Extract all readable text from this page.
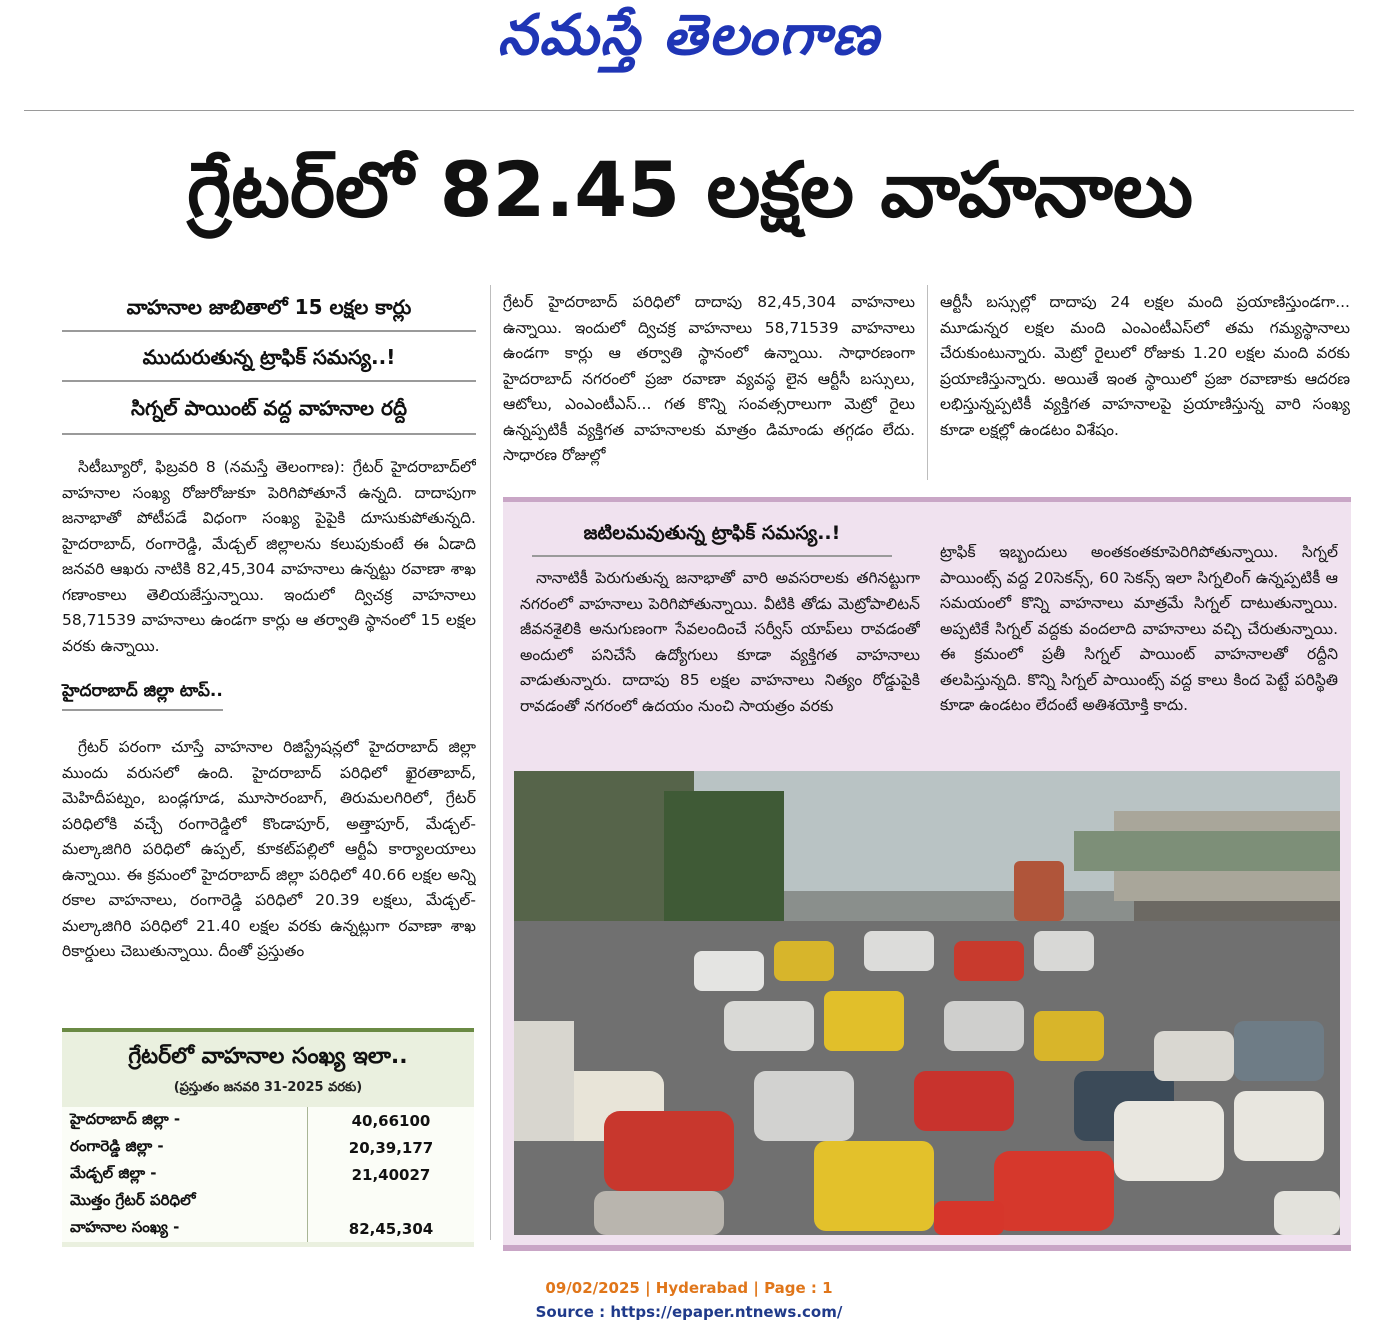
నమస్తే తెలంగాణ
గ్రేటర్‌లో 82.45 లక్షల వాహనాలు
వాహనాల జాబితాలో 15 లక్షల కార్లు
ముదురుతున్న ట్రాఫిక్ సమస్య..!
సిగ్నల్ పాయింట్ వద్ద వాహనాల రద్దీ

సిటీబ్యూరో, ఫిబ్రవరి 8 (నమస్తే తెలంగాణ): గ్రేటర్ హైదరాబాద్‌లో వాహనాల సంఖ్య రోజురోజుకూ పెరిగిపోతూనే ఉన్నది. దాదాపుగా జనాభాతో పోటీపడే విధంగా సంఖ్య పైపైకి దూసుకుపోతున్నది. హైదరాబాద్, రంగారెడ్డి, మేడ్చల్ జిల్లాలను కలుపుకుంటే ఈ ఏడాది జనవరి ఆఖరు నాటికి 82,45,304 వాహనాలు ఉన్నట్టు రవాణా శాఖ గణాంకాలు తెలియజేస్తున్నాయి. ఇందులో ద్విచక్ర వాహనాలు 58,71539 వాహనాలు ఉండగా కార్లు ఆ తర్వాతి స్థానంలో 15 లక్షల వరకు ఉన్నాయి.

హైదరాబాద్ జిల్లా టాప్..

గ్రేటర్ పరంగా చూస్తే వాహనాల రిజిస్ట్రేషన్లలో హైదరాబాద్ జిల్లా ముందు వరుసలో ఉంది. హైదరాబాద్ పరిధిలో ఖైరతాబాద్, మెహిదీపట్నం, బండ్లగూడ, మూసారంబాగ్, తిరుమలగిరిలో, గ్రేటర్ పరిధిలోకి వచ్చే రంగారెడ్డిలో కొండాపూర్, అత్తాపూర్, మేడ్చల్-మల్కాజిగిరి పరిధిలో ఉప్పల్, కూకట్‌పల్లిలో ఆర్టీఏ కార్యాలయాలు ఉన్నాయి. ఈ క్రమంలో హైదరాబాద్ జిల్లా పరిధిలో 40.66 లక్షల అన్ని రకాల వాహనాలు, రంగారెడ్డి పరిధిలో 20.39 లక్షలు, మేడ్చల్-మల్కాజిగిరి పరిధిలో 21.40 లక్షల వరకు ఉన్నట్లుగా రవాణా శాఖ రికార్డులు చెబుతున్నాయి. దీంతో ప్రస్తుతం

గ్రేటర్‌లో వాహనాల సంఖ్య ఇలా..
(ప్రస్తుతం జనవరి 31-2025 వరకు)
హైదరాబాద్ జిల్లా -	40,66100
రంగారెడ్డి జిల్లా -	20,39,177
మేడ్చల్ జిల్లా -	21,40027
మొత్తం గ్రేటర్ పరిధిలో	
వాహనాల సంఖ్య -	82,45,304

గ్రేటర్ హైదరాబాద్ పరిధిలో దాదాపు 82,45,304 వాహనాలు ఉన్నాయి. ఇందులో ద్విచక్ర వాహనాలు 58,71539 వాహనాలు ఉండగా కార్లు ఆ తర్వాతి స్థానంలో ఉన్నాయి. సాధారణంగా హైదరాబాద్ నగరంలో ప్రజా రవాణా వ్యవస్థ లైన ఆర్టీసీ బస్సులు, ఆటోలు, ఎంఎంటీఎస్... గత కొన్ని సంవత్సరాలుగా మెట్రో రైలు ఉన్నప్పటికీ వ్యక్తిగత వాహనాలకు మాత్రం డిమాండు తగ్గడం లేదు. సాధారణ రోజుల్లో

ఆర్టీసీ బస్సుల్లో దాదాపు 24 లక్షల మంది ప్రయాణిస్తుండగా... మూడున్నర లక్షల మంది ఎంఎంటీఎస్‌లో తమ గమ్యస్థానాలు చేరుకుంటున్నారు. మెట్రో రైలులో రోజుకు 1.20 లక్షల మంది వరకు ప్రయాణిస్తున్నారు. అయితే ఇంత స్థాయిలో ప్రజా రవాణాకు ఆదరణ లభిస్తున్నప్పటికీ వ్యక్తిగత వాహనాలపై ప్రయాణిస్తున్న వారి సంఖ్య కూడా లక్షల్లో ఉండటం విశేషం.

జటిలమవుతున్న ట్రాఫిక్ సమస్య..!

నానాటికీ పెరుగుతున్న జనాభాతో వారి అవసరాలకు తగినట్టుగా నగరంలో వాహనాలు పెరిగిపోతున్నాయి. వీటికి తోడు మెట్రోపాలిటన్ జీవనశైలికి అనుగుణంగా సేవలందించే సర్వీస్ యాప్‌లు రావడంతో అందులో పనిచేసే ఉద్యోగులు కూడా వ్యక్తిగత వాహనాలు వాడుతున్నారు. దాదాపు 85 లక్షల వాహనాలు నిత్యం రోడ్డుపైకి రావడంతో నగరంలో ఉదయం నుంచి సాయత్రం వరకు

ట్రాఫిక్ ఇబ్బందులు అంతకంతకూపెరిగిపోతున్నాయి. సిగ్నల్ పాయింట్స్ వద్ద 20సెకన్స్, 60 సెకన్స్ ఇలా సిగ్నలింగ్ ఉన్నప్పటికీ ఆ సమయంలో కొన్ని వాహనాలు మాత్రమే సిగ్నల్ దాటుతున్నాయి. అప్పటికే సిగ్నల్ వద్దకు వందలాది వాహనాలు వచ్చి చేరుతున్నాయి. ఈ క్రమంలో ప్రతీ సిగ్నల్ పాయింట్ వాహనాలతో రద్దీని తలపిస్తున్నది. కొన్ని సిగ్నల్ పాయింట్స్ వద్ద కాలు కింద పెట్టే పరిస్థితి కూడా ఉండటం లేదంటే అతిశయోక్తి కాదు.

09/02/2025 | Hyderabad | Page : 1
Source : https://epaper.ntnews.com/
